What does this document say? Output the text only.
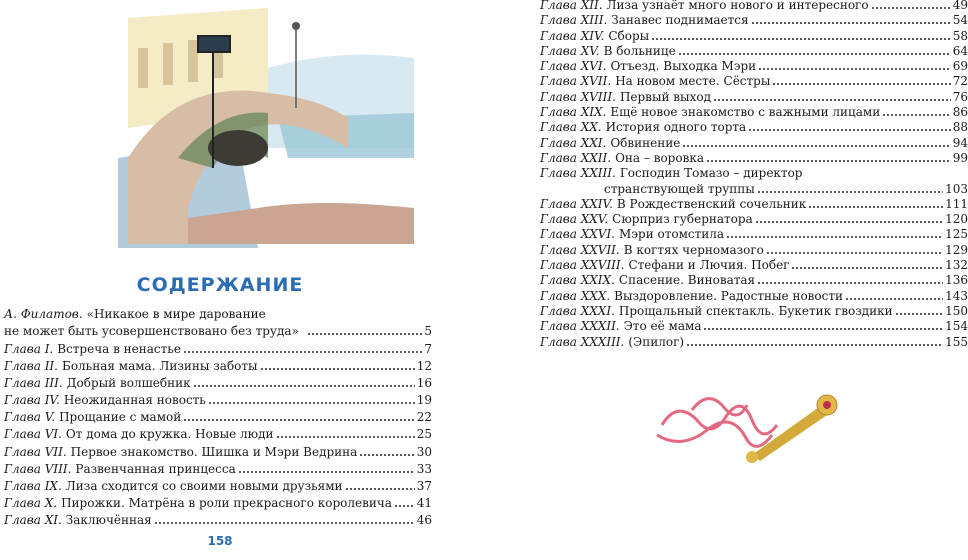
СОДЕРЖАНИЕ
А. Филатов. «Никакое в мире дарование
не может быть усовершенствовано без труда»	5
Глава I. Встреча в ненастье	7
Глава II. Больная мама. Лизины заботы	12
Глава III. Добрый волшебник	16
Глава IV. Неожиданная новость	19
Глава V. Прощание с мамой	22
Глава VI. От дома до кружка. Новые люди	25
Глава VII. Первое знакомство. Шишка и Мэри Ведрина	30
Глава VIII. Развенчанная принцесса	33
Глава IX. Лиза сходится со своими новыми друзьями	37
Глава X. Пирожки. Матрёна в роли прекрасного королевича 41
Глава XI. Заключённая	46
Глава XII. Лиза узнаёт много нового и интересного	49
Глава XIII. Занавес поднимается	54
Глава XIV. Сборы	58
Глава XV. В больнице	64
Глава XVI. Отъезд. Выходка Мэри	69
Глава XVII. На новом месте. Сёстры	72
Глава XVIII. Первый выход	76
Глава XIX. Ещё новое знакомство с важными лицами	86
Глава XX. История одного торта	88
Глава XXI. Обвинение	94
Глава XXII. Она – воровка	99
Глава XXIII. Господин Томазо – директор
странствующей труппы	103
Глава XXIV. В Рождественский сочельник	111
Глава XXV. Сюрприз губернатора	120
Глава XXVI. Мэри отомстила	125
Глава XXVII. В когтях черномазого	129
Глава XXVIII. Стефани и Лючия. Побег	132
Глава XXIX. Спасение. Виноватая	136
Глава XXX. Выздоровление. Радостные новости	143
Глава XXXI. Прощальный спектакль. Букетик гвоздики	150
Глава XXXII. Это её мама	154
Глава XXXIII. (Эпилог)	155
158
